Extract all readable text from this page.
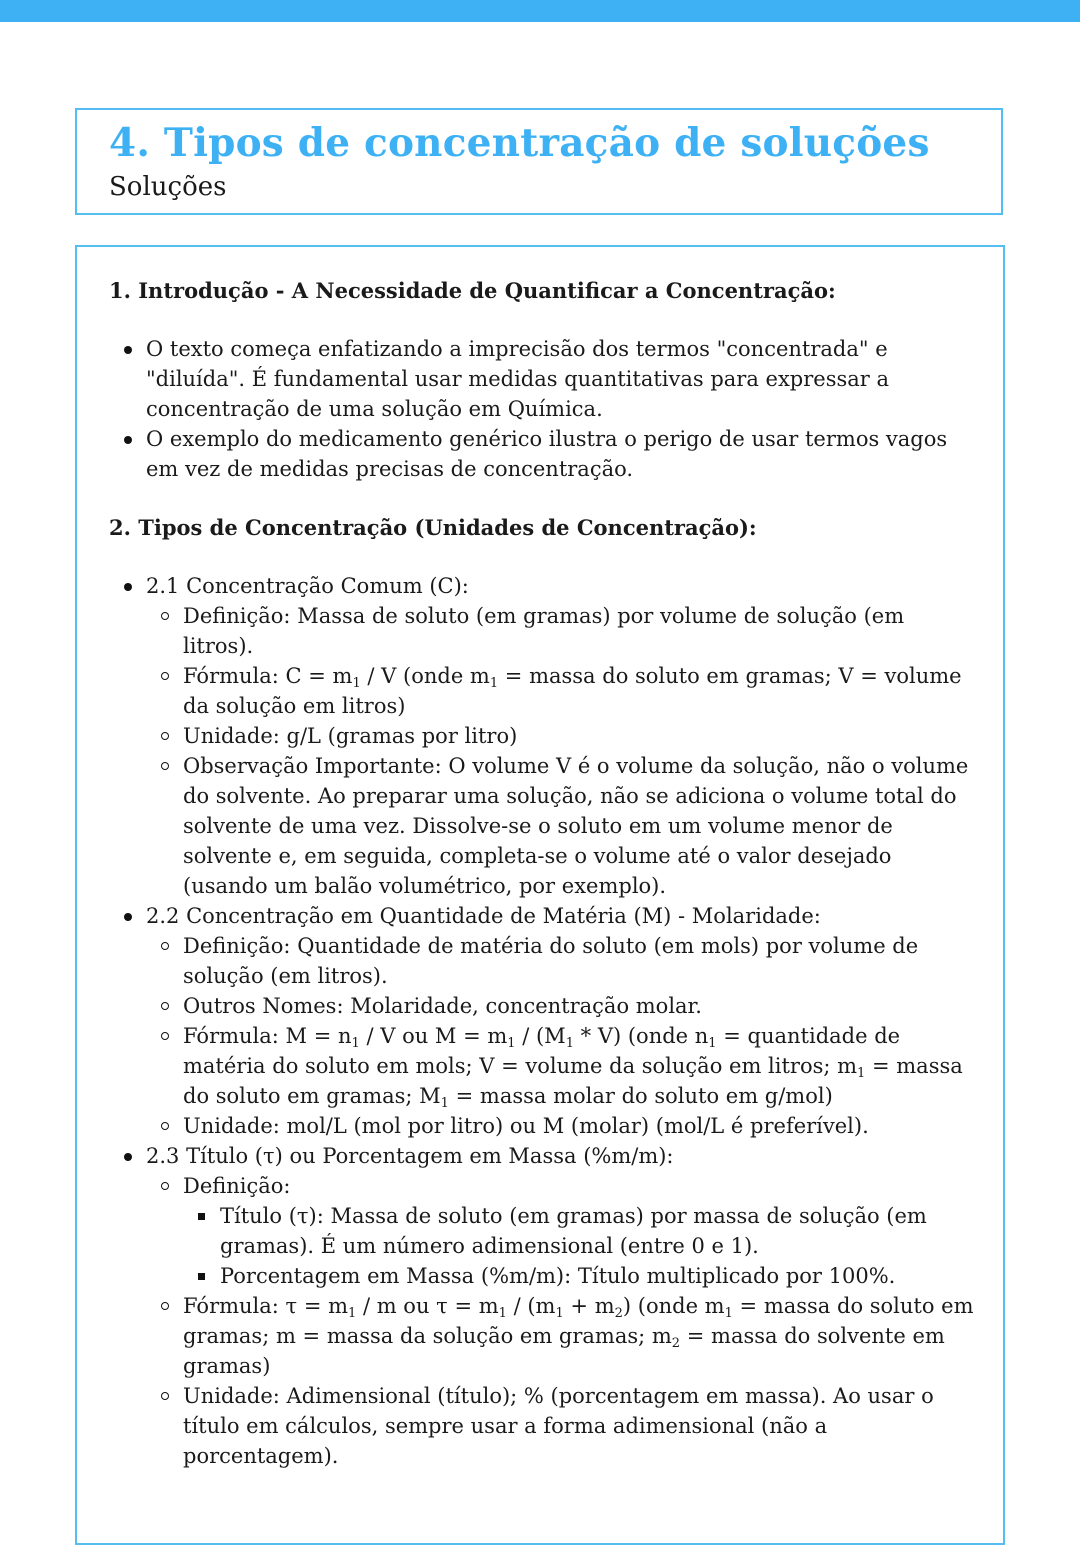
4. Tipos de concentração de soluções

Soluções

1. Introdução - A Necessidade de Quantificar a Concentração:

O texto começa enfatizando a imprecisão dos termos "concentrada" e "diluída". É fundamental usar medidas quantitativas para expressar a concentração de uma solução em Química.
O exemplo do medicamento genérico ilustra o perigo de usar termos vagos em vez de medidas precisas de concentração.

2. Tipos de Concentração (Unidades de Concentração):

2.1 Concentração Comum (C):
Definição: Massa de soluto (em gramas) por volume de solução (em litros).
Fórmula: $C = m_1 / V$ (onde $m_1$ = massa do soluto em gramas; V = volume da solução em litros)
Unidade: g/L (gramas por litro)
Observação Importante: O volume V é o volume da solução, não o volume do solvente. Ao preparar uma solução, não se adiciona o volume total do solvente de uma vez. Dissolve-se o soluto em um volume menor de solvente e, em seguida, completa-se o volume até o valor desejado (usando um balão volumétrico, por exemplo).
2.2 Concentração em Quantidade de Matéria (M) - Molaridade:
Definição: Quantidade de matéria do soluto (em mols) por volume de solução (em litros).
Outros Nomes: Molaridade, concentração molar.
Fórmula: $M = n_1 / V$ ou $M = m_1 / (M_1 * V)$ (onde $n_1$ = quantidade de matéria do soluto em mols; V = volume da solução em litros; $m_1$ = massa do soluto em gramas; $M_1$ = massa molar do soluto em g/mol)
Unidade: mol/L (mol por litro) ou M (molar) (mol/L é preferível).
2.3 Título (τ) ou Porcentagem em Massa (%m/m):
Definição:
Título (τ): Massa de soluto (em gramas) por massa de solução (em gramas). É um número adimensional (entre 0 e 1).
Porcentagem em Massa (%m/m): Título multiplicado por 100%.
Fórmula: $\tau = m_1 / m$ ou $\tau = m_1 / (m_1 + m_2)$ (onde $m_1$ = massa do soluto em gramas; m = massa da solução em gramas; $m_2$ = massa do solvente em gramas)
Unidade: Adimensional (título); % (porcentagem em massa). Ao usar o título em cálculos, sempre usar a forma adimensional (não a porcentagem).
